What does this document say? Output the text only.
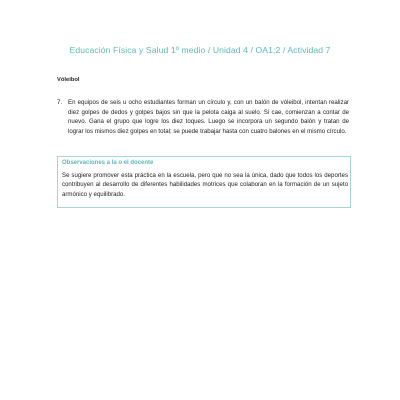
Educación Física y Salud 1º medio / Unidad 4 / OA1;2 / Actividad 7
Vóleibol
7. En equipos de seis u ocho estudiantes forman un círculo y, con un balón de vóleibol, intentan realizar diez golpes de dedos y golpes bajos sin que la pelota caiga al suelo. Si cae, comienzan a contar de nuevo. Gana el grupo que logre los diez toques. Luego se incorpora un segundo balón y tratan de lograr los mismos diez golpes en total; se puede trabajar hasta con cuatro balones en el mismo círculo.
Observaciones a la o el docente
Se sugiere promover esta práctica en la escuela, pero que no sea la única, dado que todos los deportes contribuyen al desarrollo de diferentes habilidades motrices que colaboran en la formación de un sujeto armónico y equilibrado.
